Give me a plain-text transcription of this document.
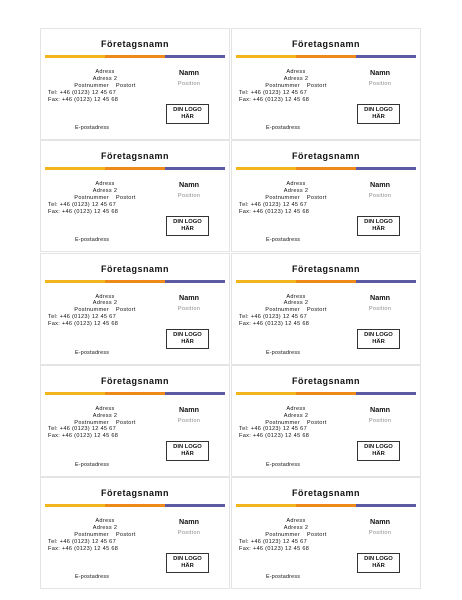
Företagsnamn
Adress
Adress 2
Postnummer Postort
Tel: +46 (0123) 12 45 67
Fax: +46 (0123) 12 45 68
Namn
Position
DIN LOGO
HÄR
E-postadress
Företagsnamn
Adress
Adress 2
Postnummer Postort
Tel: +46 (0123) 12 45 67
Fax: +46 (0123) 12 45 68
Namn
Position
DIN LOGO
HÄR
E-postadress
Företagsnamn
Adress
Adress 2
Postnummer Postort
Tel: +46 (0123) 12 45 67
Fax: +46 (0123) 12 45 68
Namn
Position
DIN LOGO
HÄR
E-postadress
Företagsnamn
Adress
Adress 2
Postnummer Postort
Tel: +46 (0123) 12 45 67
Fax: +46 (0123) 12 45 68
Namn
Position
DIN LOGO
HÄR
E-postadress
Företagsnamn
Adress
Adress 2
Postnummer Postort
Tel: +46 (0123) 12 45 67
Fax: +46 (0123) 12 45 68
Namn
Position
DIN LOGO
HÄR
E-postadress
Företagsnamn
Adress
Adress 2
Postnummer Postort
Tel: +46 (0123) 12 45 67
Fax: +46 (0123) 12 45 68
Namn
Position
DIN LOGO
HÄR
E-postadress
Företagsnamn
Adress
Adress 2
Postnummer Postort
Tel: +46 (0123) 12 45 67
Fax: +46 (0123) 12 45 68
Namn
Position
DIN LOGO
HÄR
E-postadress
Företagsnamn
Adress
Adress 2
Postnummer Postort
Tel: +46 (0123) 12 45 67
Fax: +46 (0123) 12 45 68
Namn
Position
DIN LOGO
HÄR
E-postadress
Företagsnamn
Adress
Adress 2
Postnummer Postort
Tel: +46 (0123) 12 45 67
Fax: +46 (0123) 12 45 68
Namn
Position
DIN LOGO
HÄR
E-postadress
Företagsnamn
Adress
Adress 2
Postnummer Postort
Tel: +46 (0123) 12 45 67
Fax: +46 (0123) 12 45 68
Namn
Position
DIN LOGO
HÄR
E-postadress
